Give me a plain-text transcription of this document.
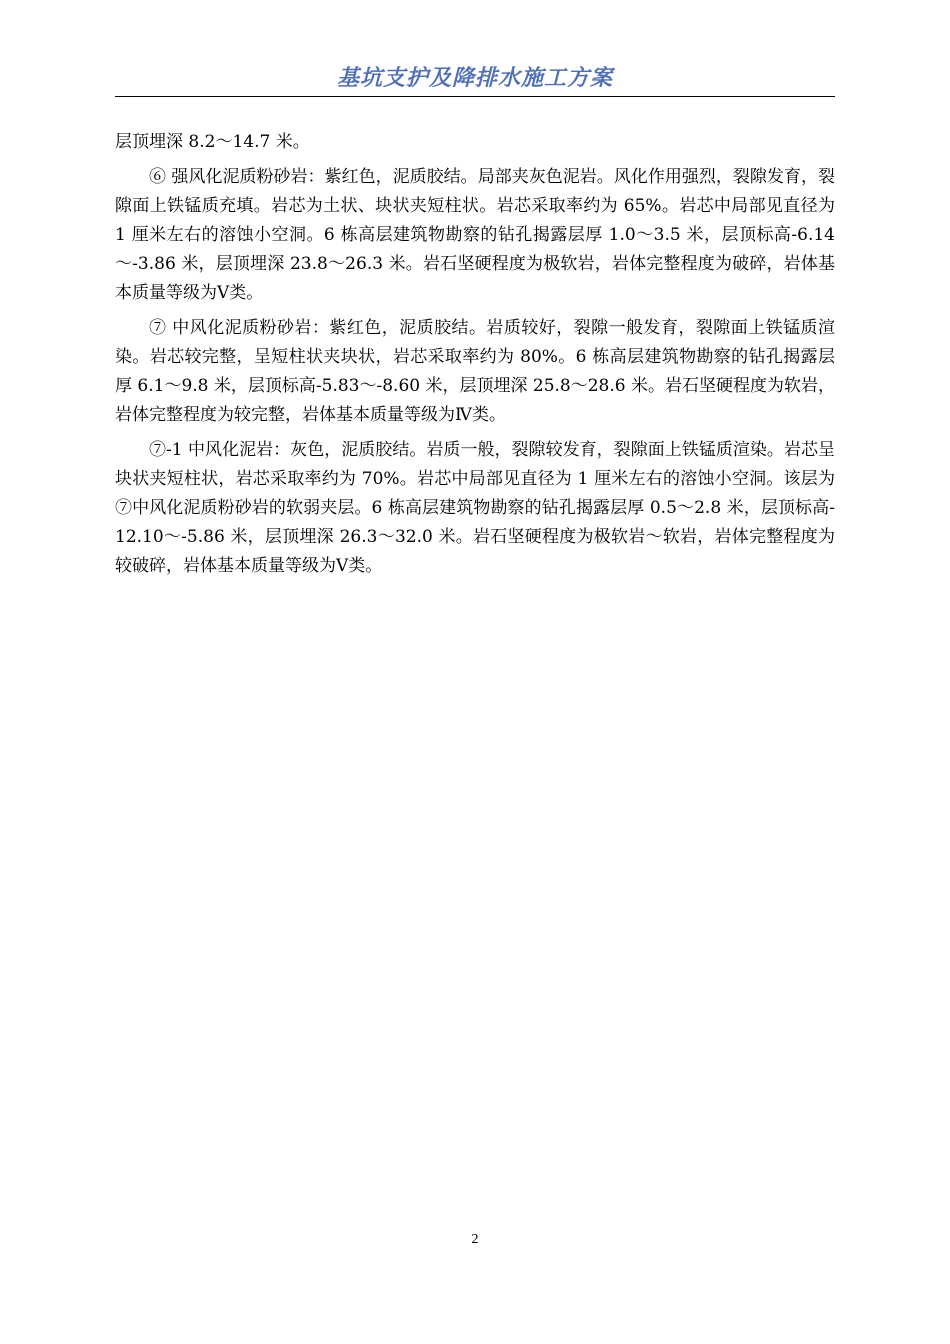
基坑支护及降排水施工方案

层顶埋深 8.2～14.7 米。

⑥ 强风化泥质粉砂岩：紫红色，泥质胶结。局部夹灰色泥岩。风化作用强烈，裂隙发育，裂隙面上铁锰质充填。岩芯为土状、块状夹短柱状。岩芯采取率约为 65%。岩芯中局部见直径为 1 厘米左右的溶蚀小空洞。6 栋高层建筑物勘察的钻孔揭露层厚 1.0～3.5 米，层顶标高-6.14～-3.86 米，层顶埋深 23.8～26.3 米。岩石坚硬程度为极软岩，岩体完整程度为破碎，岩体基本质量等级为Ⅴ类。

⑦ 中风化泥质粉砂岩：紫红色，泥质胶结。岩质较好，裂隙一般发育，裂隙面上铁锰质渲染。岩芯较完整，呈短柱状夹块状，岩芯采取率约为 80%。6 栋高层建筑物勘察的钻孔揭露层厚 6.1～9.8 米，层顶标高-5.83～-8.60 米，层顶埋深 25.8～28.6 米。岩石坚硬程度为软岩，岩体完整程度为较完整，岩体基本质量等级为Ⅳ类。

⑦-1 中风化泥岩：灰色，泥质胶结。岩质一般，裂隙较发育，裂隙面上铁锰质渲染。岩芯呈块状夹短柱状，岩芯采取率约为 70%。岩芯中局部见直径为 1 厘米左右的溶蚀小空洞。该层为⑦中风化泥质粉砂岩的软弱夹层。6 栋高层建筑物勘察的钻孔揭露层厚 0.5～2.8 米，层顶标高-12.10～-5.86 米，层顶埋深 26.3～32.0 米。岩石坚硬程度为极软岩～软岩，岩体完整程度为较破碎，岩体基本质量等级为Ⅴ类。

2
